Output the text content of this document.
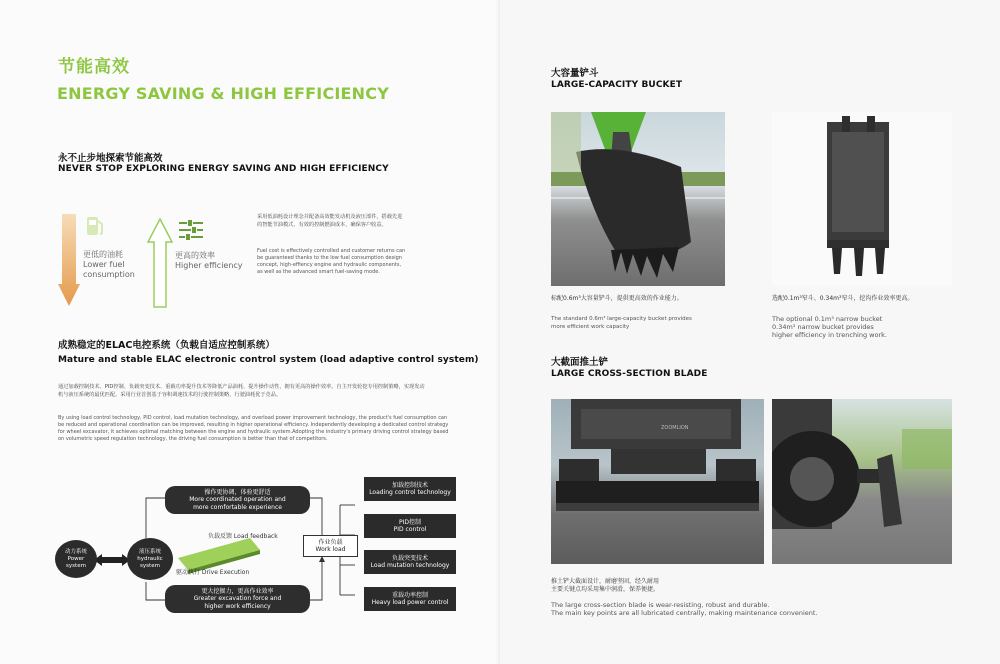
节能高效
ENERGY SAVING & HIGH EFFICIENCY
永不止步地探索节能高效
NEVER STOP EXPLORING ENERGY SAVING AND HIGH EFFICIENCY
更低的油耗
Lower fuel
consumption
更高的效率
Higher efficiency
采用低油耗设计理念并配备高效能发动机及液压部件，搭载先进的智能节油模式，有效的控制燃油成本，确保客户收益。
Fuel cost is effectively controlled and customer returns can be guaranteed thanks to the low fuel consumption design concept, high-effiency engine and hydraulic components, as well as the advanced smart fuel-saving mode.
成熟稳定的ELAC电控系统（负载自适应控制系统）
Mature and stable ELAC electronic control system (load adaptive control system)
通过加载控制技术、PID控制、负载突变技术、重载功率提升技术等降低产品油耗、提升操作动性，拥有更高的操作效率。自主开发轮挖专用控制策略，实现发动机与液压系统的最优匹配。采用行业首创基于容积调速技术的行驶控制策略，行驶油耗优于竞品。
By using load control technology, PID control, load mutation technology, and overload power improvement technology, the product's fuel consumption can be reduced and operational coordination can be improved, resulting in higher operational efficiency. Independently developing a dedicated control strategy for wheel excavator, it achieves optimal matching between the engine and hydraulic system.Adopting the industry's primary driving control strategy based on volumetric speed regulation technology, the driving fuel consumption is better than that of competitors.
动力系统
Power
system
液压系统
hydraulic
system
操作更协调，体验更舒适
More coordinated operation and
more comfortable experience
更大挖掘力，更高作业效率
Greater excavation force and
higher work efficiency
负载反馈 Load feedback
驱动执行 Drive Execution
作业负载
Work load
加载控制技术
Loading control technology
PID控制
PID control
负载突变技术
Load mutation technology
重载功率控制
Heavy load power control
大容量铲斗
LARGE-CAPACITY BUCKET
标配0.6m³大容量铲斗，提供更高效的作业能力。
The standard 0.6m³ large-capacity bucket provides
more efficient work capacity
选配0.1m³窄斗、0.34m³窄斗，挖沟作业效率更高。
The optional 0.1m³ narrow bucket
0.34m³ narrow bucket provides
higher efficiency in trenching work.
大截面推土铲
LARGE CROSS-SECTION BLADE
ZOOMLION
推土铲大截面设计，耐磨坚固，经久耐用
主要关键点均采用集中润滑，保养便捷。
The large cross-section blade is wear-resisting, robust and durable.
The main key points are all lubricated centrally, making maintenance convenient.
